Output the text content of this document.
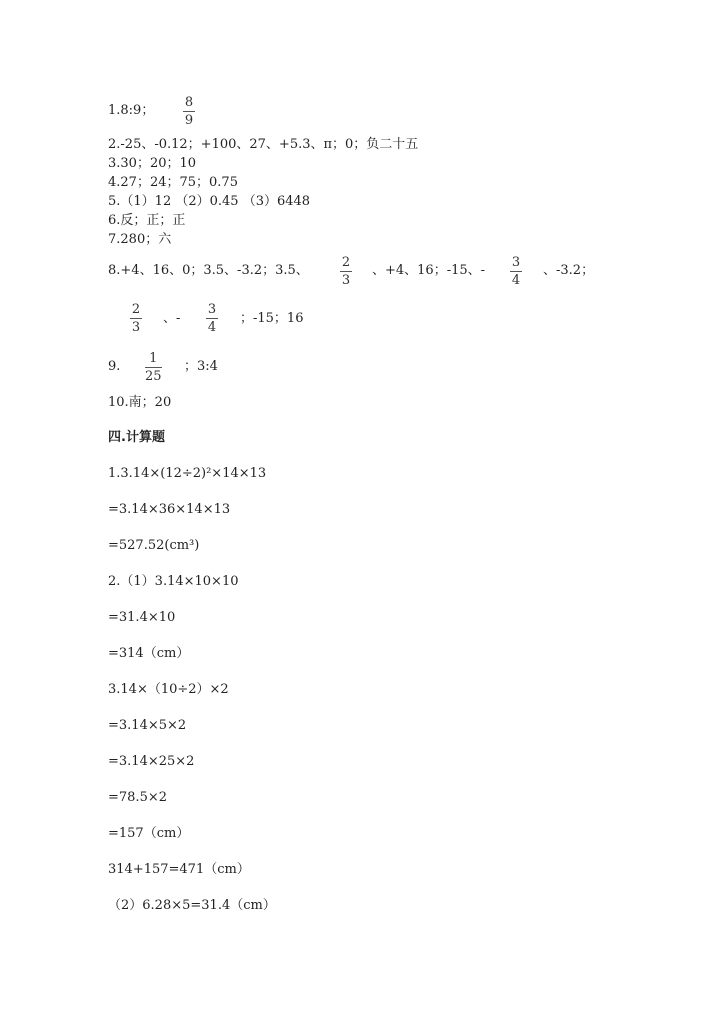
1.8:9；
8
9
2.-25、-0.12；+100、27、+5.3、π；0；负二十五
3.30；20；10
4.27；24；75；0.75
5.（1）12 （2）0.45 （3）6448
6.反；正；正
7.280；六
8.+4、16、0；3.5、-3.2；3.5、
2
3
、+4、16；-15、-
3
4
、-3.2；
2
3
、-
3
4
；-15；16
9.
1
25
；3:4
10.南；20
四.计算题
1.3.14×(12÷2)²×14×13
=3.14×36×14×13
=527.52(cm³)
2.（1）3.14×10×10
=31.4×10
=314（cm）
3.14×（10÷2）×2
=3.14×5×2
=3.14×25×2
=78.5×2
=157（cm）
314+157=471（cm）
（2）6.28×5=31.4（cm）
